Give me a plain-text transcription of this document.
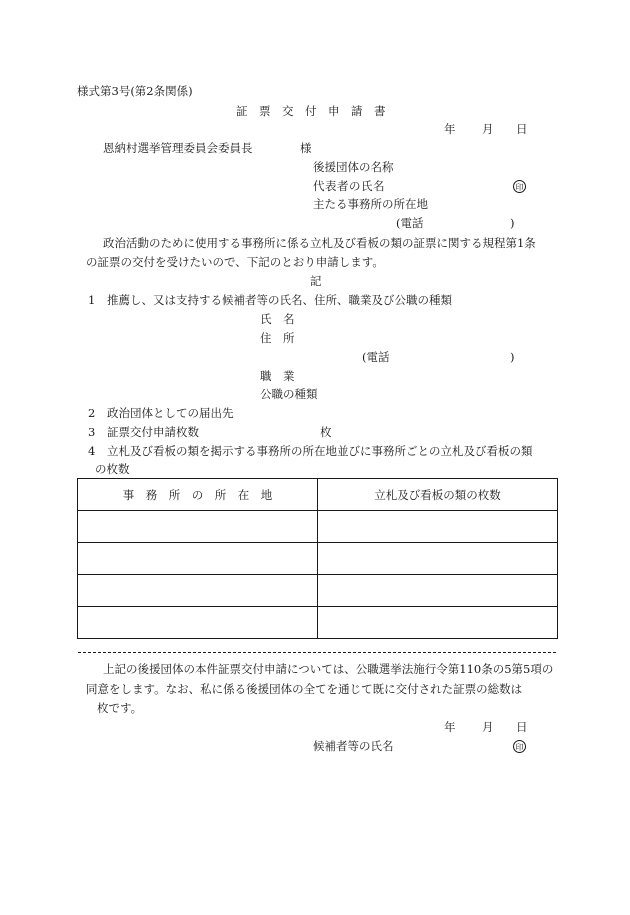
様式第3号(第2条関係)
証　票　交　付　申　請　書
年 月 日
恩納村選挙管理委員会委員長	様
後援団体の名称
代表者の氏名	印
主たる事務所の所在地
(電話	)
政治活動のために使用する事務所に係る立札及び看板の類の証票に関する規程第1条
の証票の交付を受けたいので、下記のとおり申請します。
記
1 推薦し、又は支持する候補者等の氏名、住所、職業及び公職の種類
氏　名
住　所
(電話	)
職　業
公職の種類
2 政治団体としての届出先
3 証票交付申請枚数	枚
4 立札及び看板の類を掲示する事務所の所在地並びに事務所ごとの立札及び看板の類
の枚数
事　務　所　の　所　在　地	立札及び看板の類の枚数

上記の後援団体の本件証票交付申請については、公職選挙法施行令第110条の5第5項の
同意をします。なお、私に係る後援団体の全てを通じて既に交付された証票の総数は
枚です。
年 月 日
候補者等の氏名	印
